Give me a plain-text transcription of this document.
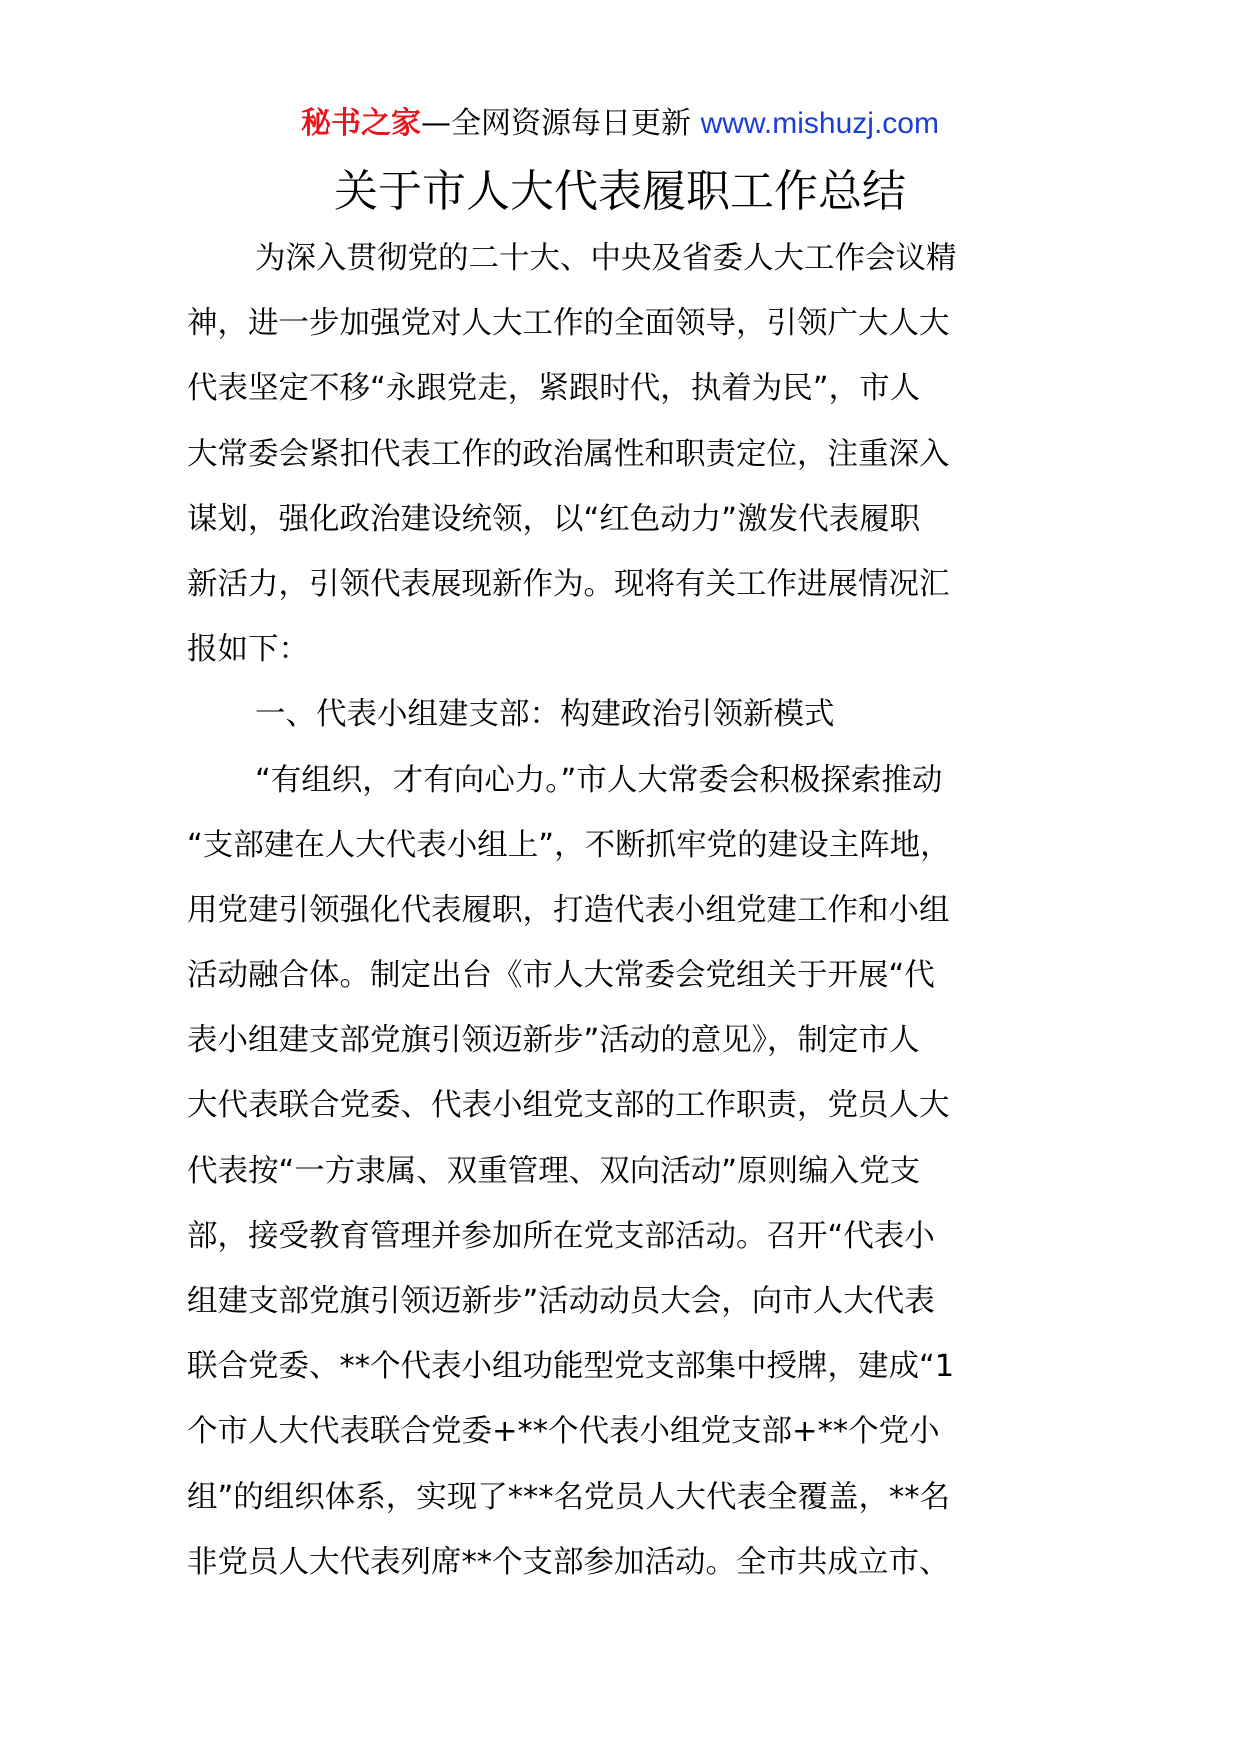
秘书之家—全网资源每日更新 www.mishuzj.com
关于市人大代表履职工作总结
为深入贯彻党的二十大、中央及省委人大工作会议精
神，进一步加强党对人大工作的全面领导，引领广大人大
代表坚定不移“永跟党走，紧跟时代，执着为民”，市人
大常委会紧扣代表工作的政治属性和职责定位，注重深入
谋划，强化政治建设统领，以“红色动力”激发代表履职
新活力，引领代表展现新作为。现将有关工作进展情况汇
报如下：
一、代表小组建支部：构建政治引领新模式
“有组织，才有向心力。”市人大常委会积极探索推动
“支部建在人大代表小组上”，不断抓牢党的建设主阵地，
用党建引领强化代表履职，打造代表小组党建工作和小组
活动融合体。制定出台《市人大常委会党组关于开展“代
表小组建支部党旗引领迈新步”活动的意见》，制定市人
大代表联合党委、代表小组党支部的工作职责，党员人大
代表按“一方隶属、双重管理、双向活动”原则编入党支
部，接受教育管理并参加所在党支部活动。召开“代表小
组建支部党旗引领迈新步”活动动员大会，向市人大代表
联合党委、**个代表小组功能型党支部集中授牌，建成“1
个市人大代表联合党委+**个代表小组党支部+**个党小
组”的组织体系，实现了***名党员人大代表全覆盖，**名
非党员人大代表列席**个支部参加活动。全市共成立市、
